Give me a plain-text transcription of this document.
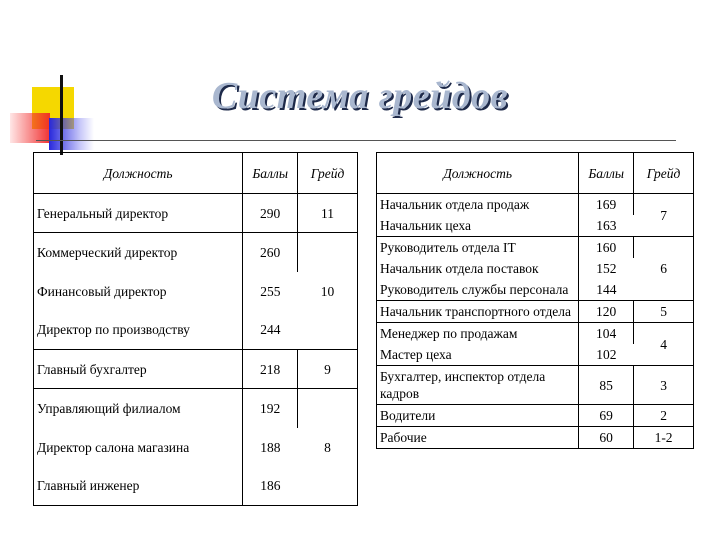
Система грейдов
Должность	Баллы	Грейд
Генеральный директор	290	11
Коммерческий директор	260	10
Финансовый директор	255	
Директор по производству	244	
Главный бухгалтер	218	9
Управляющий филиалом	192	8
Директор салона магазина	188	
Главный инженер	186	
Должность	Баллы	Грейд
Начальник отдела продаж	169	7
Начальник цеха	163	
Руководитель отдела IT	160	6
Начальник отдела поставок	152	
Руководитель службы персонала	144	
Начальник транспортного отдела	120	5
Менеджер по продажам	104	4
Мастер цеха	102	
Бухгалтер, инспектор отдела кадров	85	3
Водители	69	2
Рабочие	60	1-2
